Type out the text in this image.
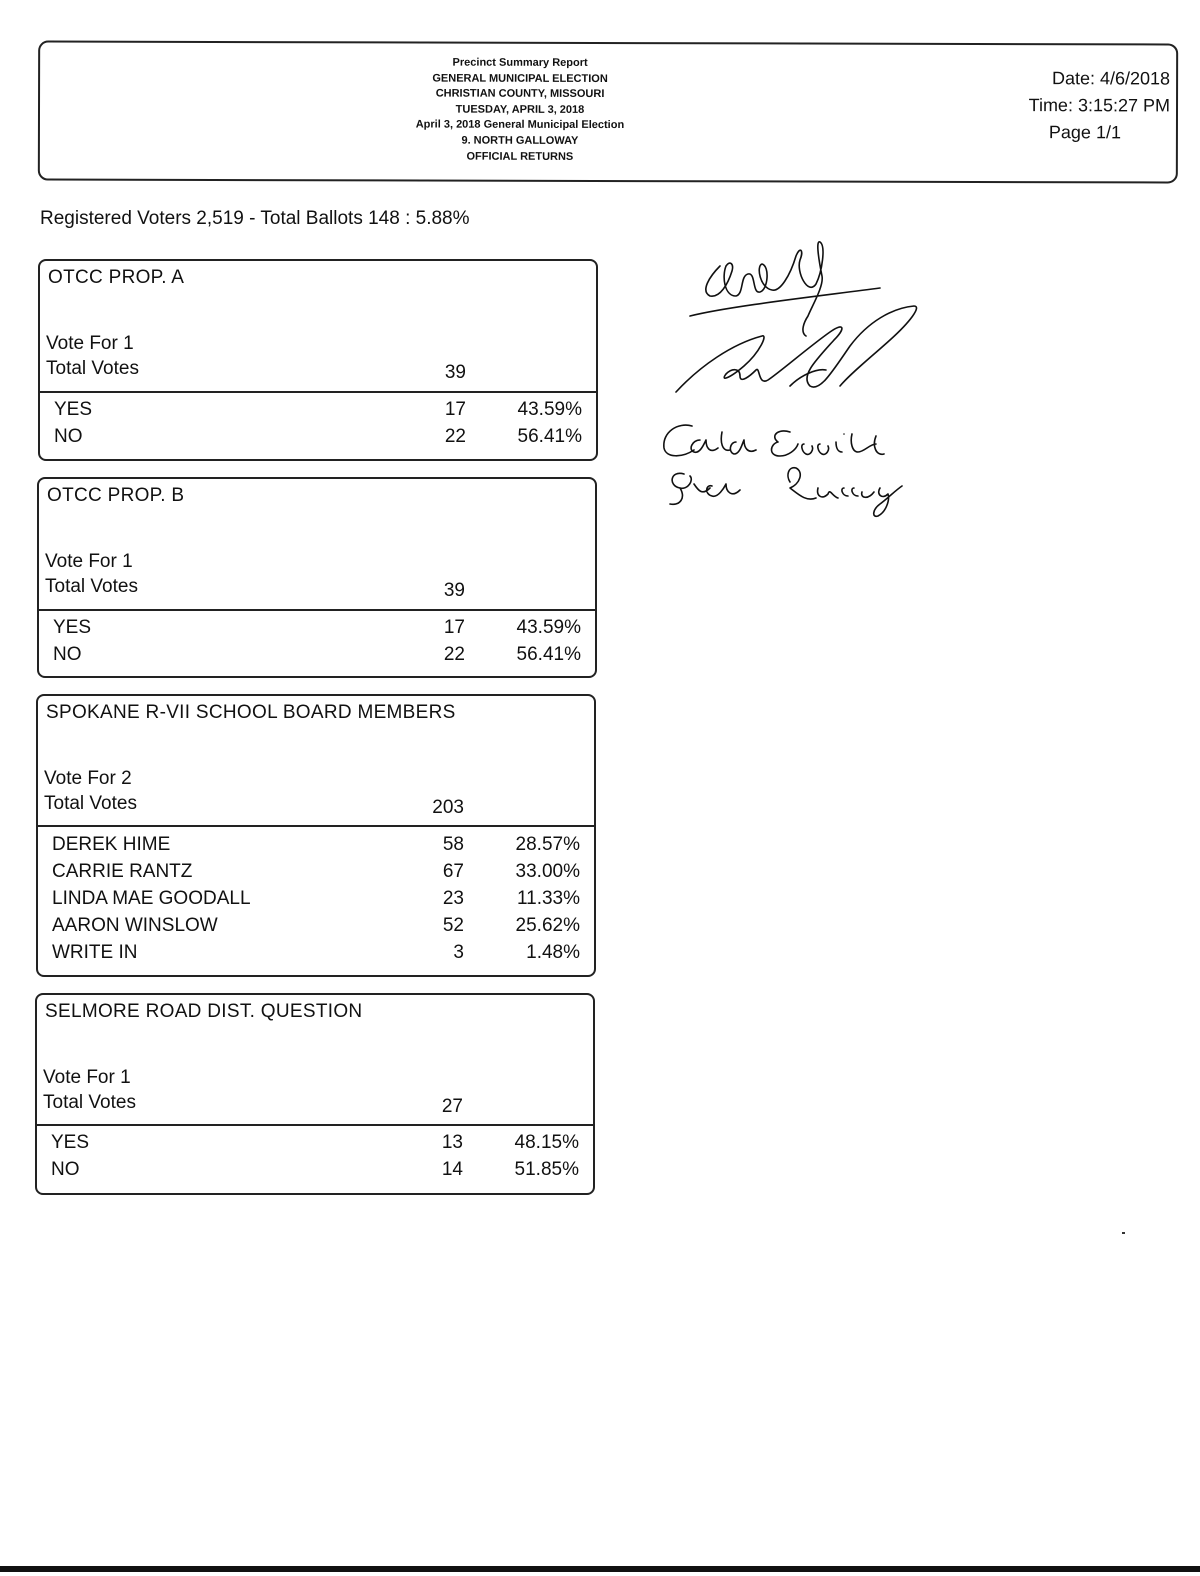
Precinct Summary Report
GENERAL MUNICIPAL ELECTION
CHRISTIAN COUNTY, MISSOURI
TUESDAY, APRIL 3, 2018
April 3, 2018 General Municipal Election
9. NORTH GALLOWAY
OFFICIAL RETURNS
Date: 4/6/2018
Time: 3:15:27 PM
Page 1/1
Registered Voters 2,519 - Total Ballots 148 : 5.88%
OTCC PROP. A
Vote For 1
Total Votes	39
YES	17	43.59%
NO	22	56.41%
OTCC PROP. B
Vote For 1
Total Votes	39
YES	17	43.59%
NO	22	56.41%
SPOKANE R-VII SCHOOL BOARD MEMBERS
Vote For 2
Total Votes	203
DEREK HIME	58	28.57%
CARRIE RANTZ	67	33.00%
LINDA MAE GOODALL	23	11.33%
AARON WINSLOW	52	25.62%
WRITE IN	3	1.48%
SELMORE ROAD DIST. QUESTION
Vote For 1
Total Votes	27
YES	13	48.15%
NO	14	51.85%
